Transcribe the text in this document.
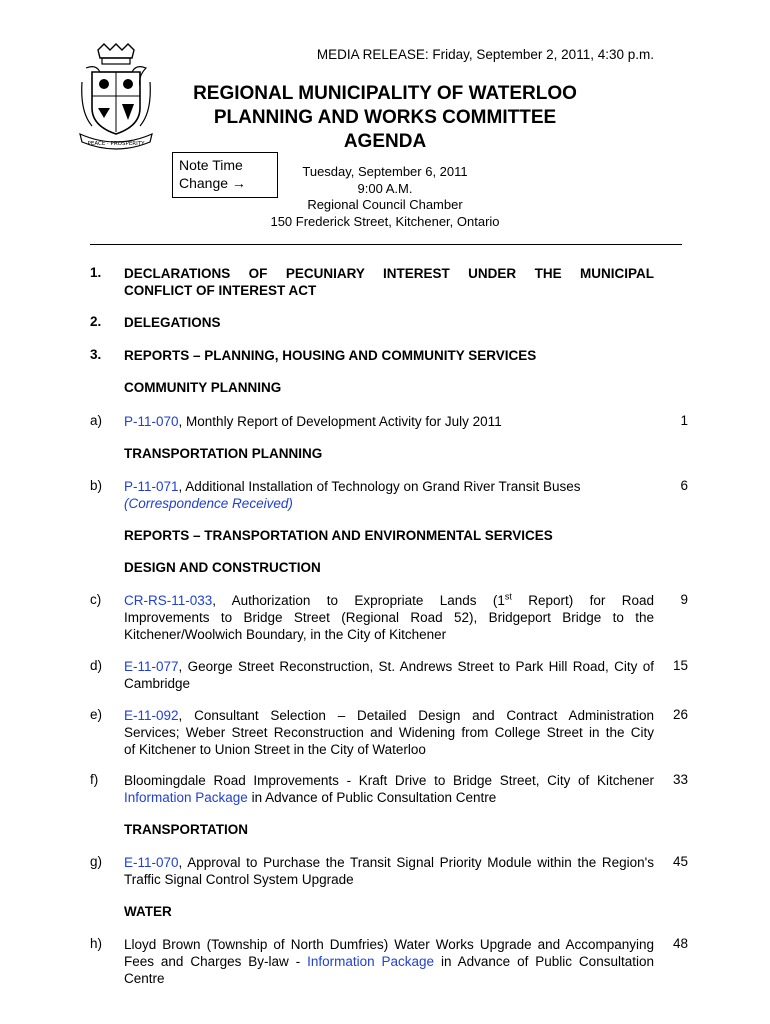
MEDIA RELEASE: Friday, September 2, 2011, 4:30 p.m.
PEACE · PROSPERITY
REGIONAL MUNICIPALITY OF WATERLOO
PLANNING AND WORKS COMMITTEE
AGENDA
Note Time
Change →
Tuesday, September 6, 2011
9:00 A.M.
Regional Council Chamber
150 Frederick Street, Kitchener, Ontario
1. DECLARATIONS OF PECUNIARY INTEREST UNDER THE MUNICIPAL
CONFLICT OF INTEREST ACT
2. DELEGATIONS
3. REPORTS – PLANNING, HOUSING AND COMMUNITY SERVICES
COMMUNITY PLANNING
a) P-11-070, Monthly Report of Development Activity for July 2011	1
TRANSPORTATION PLANNING
b) P-11-071, Additional Installation of Technology on Grand River Transit Buses
(Correspondence Received)
6
REPORTS – TRANSPORTATION AND ENVIRONMENTAL SERVICES
DESIGN AND CONSTRUCTION
c) CR-RS-11-033, Authorization to Expropriate Lands (1st Report) for Road
Improvements to Bridge Street (Regional Road 52), Bridgeport Bridge to the
Kitchener/Woolwich Boundary, in the City of Kitchener
9
d) E-11-077, George Street Reconstruction, St. Andrews Street to Park Hill Road, City of
Cambridge
15
e) E-11-092, Consultant Selection – Detailed Design and Contract Administration
Services; Weber Street Reconstruction and Widening from College Street in the City
of Kitchener to Union Street in the City of Waterloo
26
f) Bloomingdale Road Improvements - Kraft Drive to Bridge Street, City of Kitchener
Information Package in Advance of Public Consultation Centre
33
TRANSPORTATION
g) E-11-070, Approval to Purchase the Transit Signal Priority Module within the Region's
Traffic Signal Control System Upgrade
45
WATER
h) Lloyd Brown (Township of North Dumfries) Water Works Upgrade and Accompanying
Fees and Charges By-law - Information Package in Advance of Public Consultation
Centre
48
